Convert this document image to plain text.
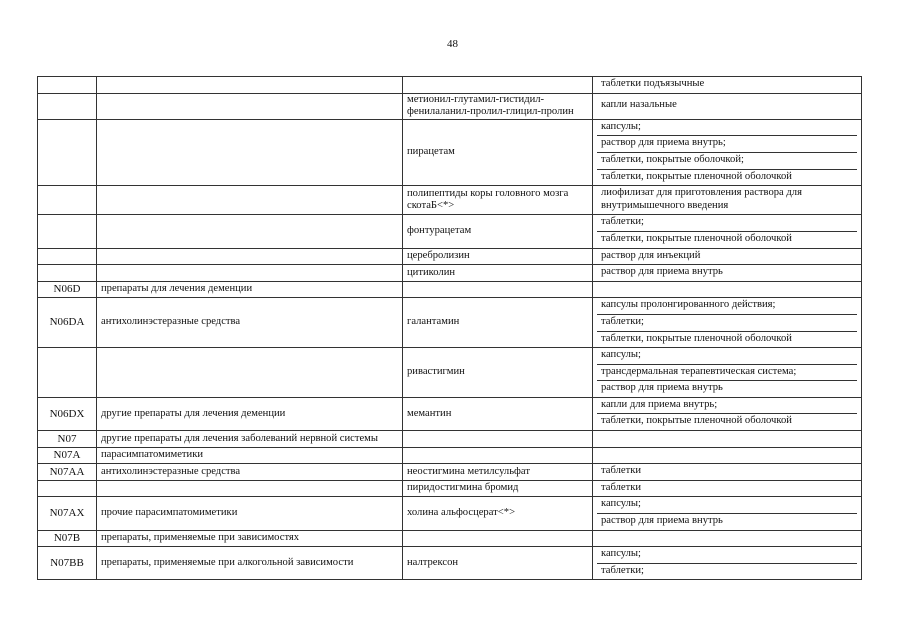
48

			таблетки подъязычные

		метионил-глутамил-гистидил-фенилаланил-пролил-глицил-пролин	капли назальные

		пирацетам	капсулы;
раствор для приема внутрь;
таблетки, покрытые оболочкой;
таблетки, покрытые пленочной оболочкой

		полипептиды коры головного мозга скотаБ<*>	лиофилизат для приготовления раствора для внутримышечного введения

		фонтурацетам	таблетки;
таблетки, покрытые пленочной оболочкой

		церебролизин	раствор для инъекций

		цитиколин	раствор для приема внутрь

N06D	препараты для лечения деменции		

N06DA	антихолинэстеразные средства	галантамин	капсулы пролонгированного действия;
таблетки;
таблетки, покрытые пленочной оболочкой

		ривастигмин	капсулы;
трансдермальная терапевтическая система;
раствор для приема внутрь

N06DX	другие препараты для лечения деменции	мемантин	капли для приема внутрь;
таблетки, покрытые пленочной оболочкой

N07	другие препараты для лечения заболеваний нервной системы		

N07A	парасимпатомиметики		

N07AA	антихолинэстеразные средства	неостигмина метилсульфат	таблетки

		пиридостигмина бромид	таблетки

N07AX	прочие парасимпатомиметики	холина альфосцерат<*>	капсулы;
раствор для приема внутрь

N07B	препараты, применяемые при зависимостях		

N07BB	препараты, применяемые при алкогольной зависимости	налтрексон	капсулы;
таблетки;
